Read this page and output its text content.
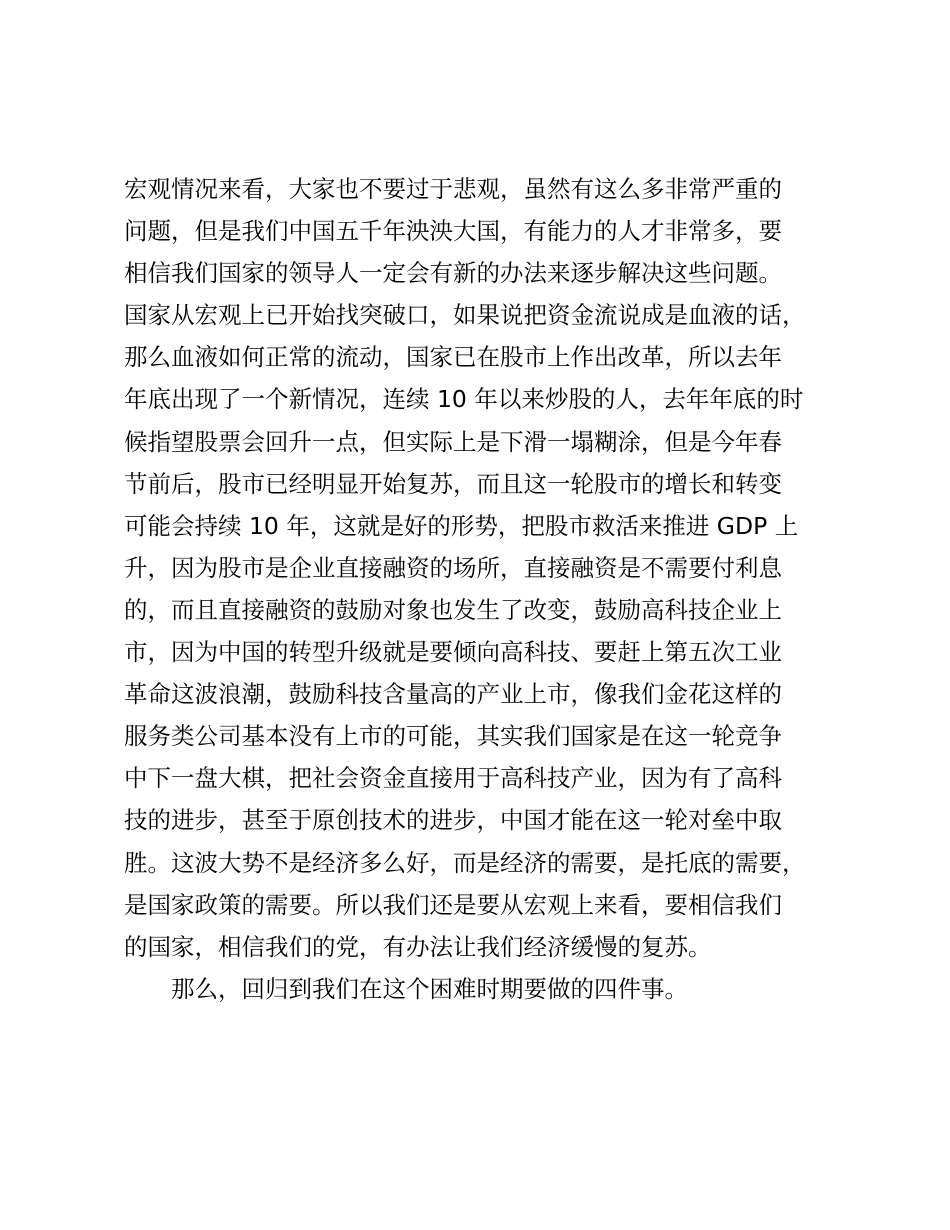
宏观情况来看，大家也不要过于悲观，虽然有这么多非常严重的
问题，但是我们中国五千年泱泱大国，有能力的人才非常多，要
相信我们国家的领导人一定会有新的办法来逐步解决这些问题。
国家从宏观上已开始找突破口，如果说把资金流说成是血液的话，
那么血液如何正常的流动，国家已在股市上作出改革，所以去年
年底出现了一个新情况，连续 10 年以来炒股的人，去年年底的时
候指望股票会回升一点，但实际上是下滑一塌糊涂，但是今年春
节前后，股市已经明显开始复苏，而且这一轮股市的增长和转变
可能会持续 10 年，这就是好的形势，把股市救活来推进 GDP 上
升，因为股市是企业直接融资的场所，直接融资是不需要付利息
的，而且直接融资的鼓励对象也发生了改变，鼓励高科技企业上
市，因为中国的转型升级就是要倾向高科技、要赶上第五次工业
革命这波浪潮，鼓励科技含量高的产业上市，像我们金花这样的
服务类公司基本没有上市的可能，其实我们国家是在这一轮竞争
中下一盘大棋，把社会资金直接用于高科技产业，因为有了高科
技的进步，甚至于原创技术的进步，中国才能在这一轮对垒中取
胜。这波大势不是经济多么好，而是经济的需要，是托底的需要，
是国家政策的需要。所以我们还是要从宏观上来看，要相信我们
的国家，相信我们的党，有办法让我们经济缓慢的复苏。
那么，回归到我们在这个困难时期要做的四件事。
